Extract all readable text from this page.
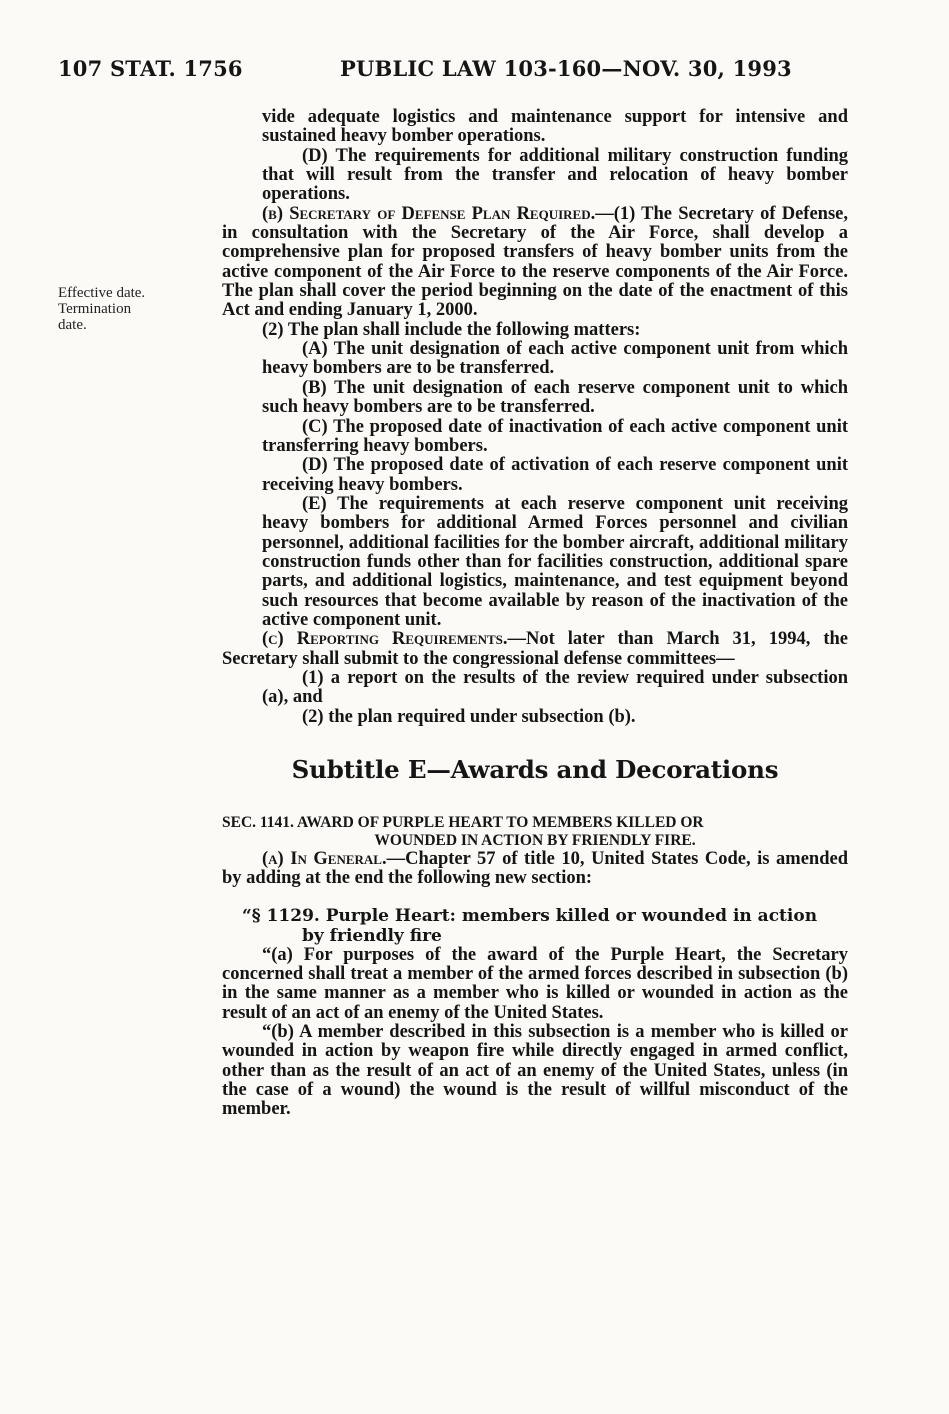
107 STAT. 1756	PUBLIC LAW 103-160—NOV. 30, 1993
Effective date.
Termination
date.

vide adequate logistics and maintenance support for intensive and sustained heavy bomber operations.

(D) The requirements for additional military construction funding that will result from the transfer and relocation of heavy bomber operations.

(b) Secretary of Defense Plan Required.—(1) The Secretary of Defense, in consultation with the Secretary of the Air Force, shall develop a comprehensive plan for proposed transfers of heavy bomber units from the active component of the Air Force to the reserve components of the Air Force. The plan shall cover the period beginning on the date of the enactment of this Act and ending January 1, 2000.

(2) The plan shall include the following matters:

(A) The unit designation of each active component unit from which heavy bombers are to be transferred.

(B) The unit designation of each reserve component unit to which such heavy bombers are to be transferred.

(C) The proposed date of inactivation of each active component unit transferring heavy bombers.

(D) The proposed date of activation of each reserve component unit receiving heavy bombers.

(E) The requirements at each reserve component unit receiving heavy bombers for additional Armed Forces personnel and civilian personnel, additional facilities for the bomber aircraft, additional military construction funds other than for facilities construction, additional spare parts, and additional logistics, maintenance, and test equipment beyond such resources that become available by reason of the inactivation of the active component unit.

(c) Reporting Requirements.—Not later than March 31, 1994, the Secretary shall submit to the congressional defense committees—

(1) a report on the results of the review required under subsection (a), and

(2) the plan required under subsection (b).

Subtitle E—Awards and Decorations
SEC. 1141. AWARD OF PURPLE HEART TO MEMBERS KILLED OR
WOUNDED IN ACTION BY FRIENDLY FIRE.

(a) In General.—Chapter 57 of title 10, United States Code, is amended by adding at the end the following new section:

“§ 1129. Purple Heart: members killed or wounded in action
by friendly fire

“(a) For purposes of the award of the Purple Heart, the Secretary concerned shall treat a member of the armed forces described in subsection (b) in the same manner as a member who is killed or wounded in action as the result of an act of an enemy of the United States.

“(b) A member described in this subsection is a member who is killed or wounded in action by weapon fire while directly engaged in armed conflict, other than as the result of an act of an enemy of the United States, unless (in the case of a wound) the wound is the result of willful misconduct of the member.
